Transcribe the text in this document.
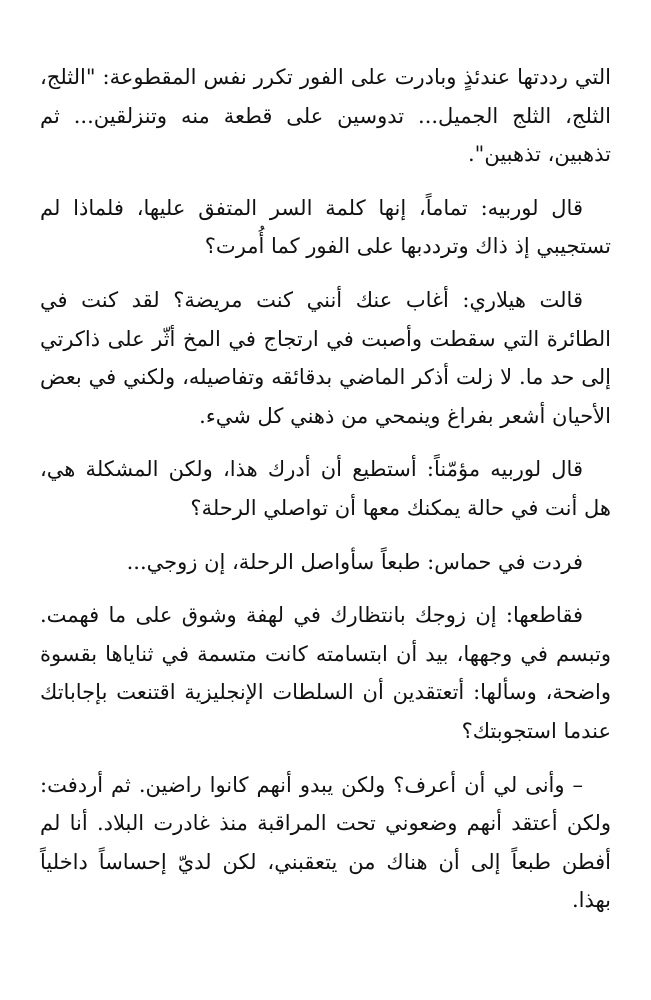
التي رددتها عندئذٍ وبادرت على الفور تكرر نفس المقطوعة: "الثلج، الثلج، الثلج الجميل... تدوسين على قطعة منه وتنزلقين... ثم تذهبين، تذهبين".

قال لوربيه: تماماً، إنها كلمة السر المتفق عليها، فلماذا لم تستجيبي إذ ذاك وترددبها على الفور كما أُمرت؟

قالت هيلاري: أغاب عنك أنني كنت مريضة؟ لقد كنت في الطائرة التي سقطت وأصبت في ارتجاج في المخ أثّر على ذاكرتي إلى حد ما. لا زلت أذكر الماضي بدقائقه وتفاصيله، ولكني في بعض الأحيان أشعر بفراغ وينمحي من ذهني كل شيء.

قال لوربيه مؤمّناً: أستطيع أن أدرك هذا، ولكن المشكلة هي، هل أنت في حالة يمكنك معها أن تواصلي الرحلة؟

فردت في حماس: طبعاً سأواصل الرحلة، إن زوجي...

فقاطعها: إن زوجك بانتظارك في لهفة وشوق على ما فهمت. وتبسم في وجهها، بيد أن ابتسامته كانت متسمة في ثناياها بقسوة واضحة، وسألها: أتعتقدين أن السلطات الإنجليزية اقتنعت بإجاباتك عندما استجوبتك؟

– وأنى لي أن أعرف؟ ولكن يبدو أنهم كانوا راضين. ثم أردفت: ولكن أعتقد أنهم وضعوني تحت المراقبة منذ غادرت البلاد. أنا لم أفطن طبعاً إلى أن هناك من يتعقبني، لكن لديّ إحساساً داخلياً بهذا.
